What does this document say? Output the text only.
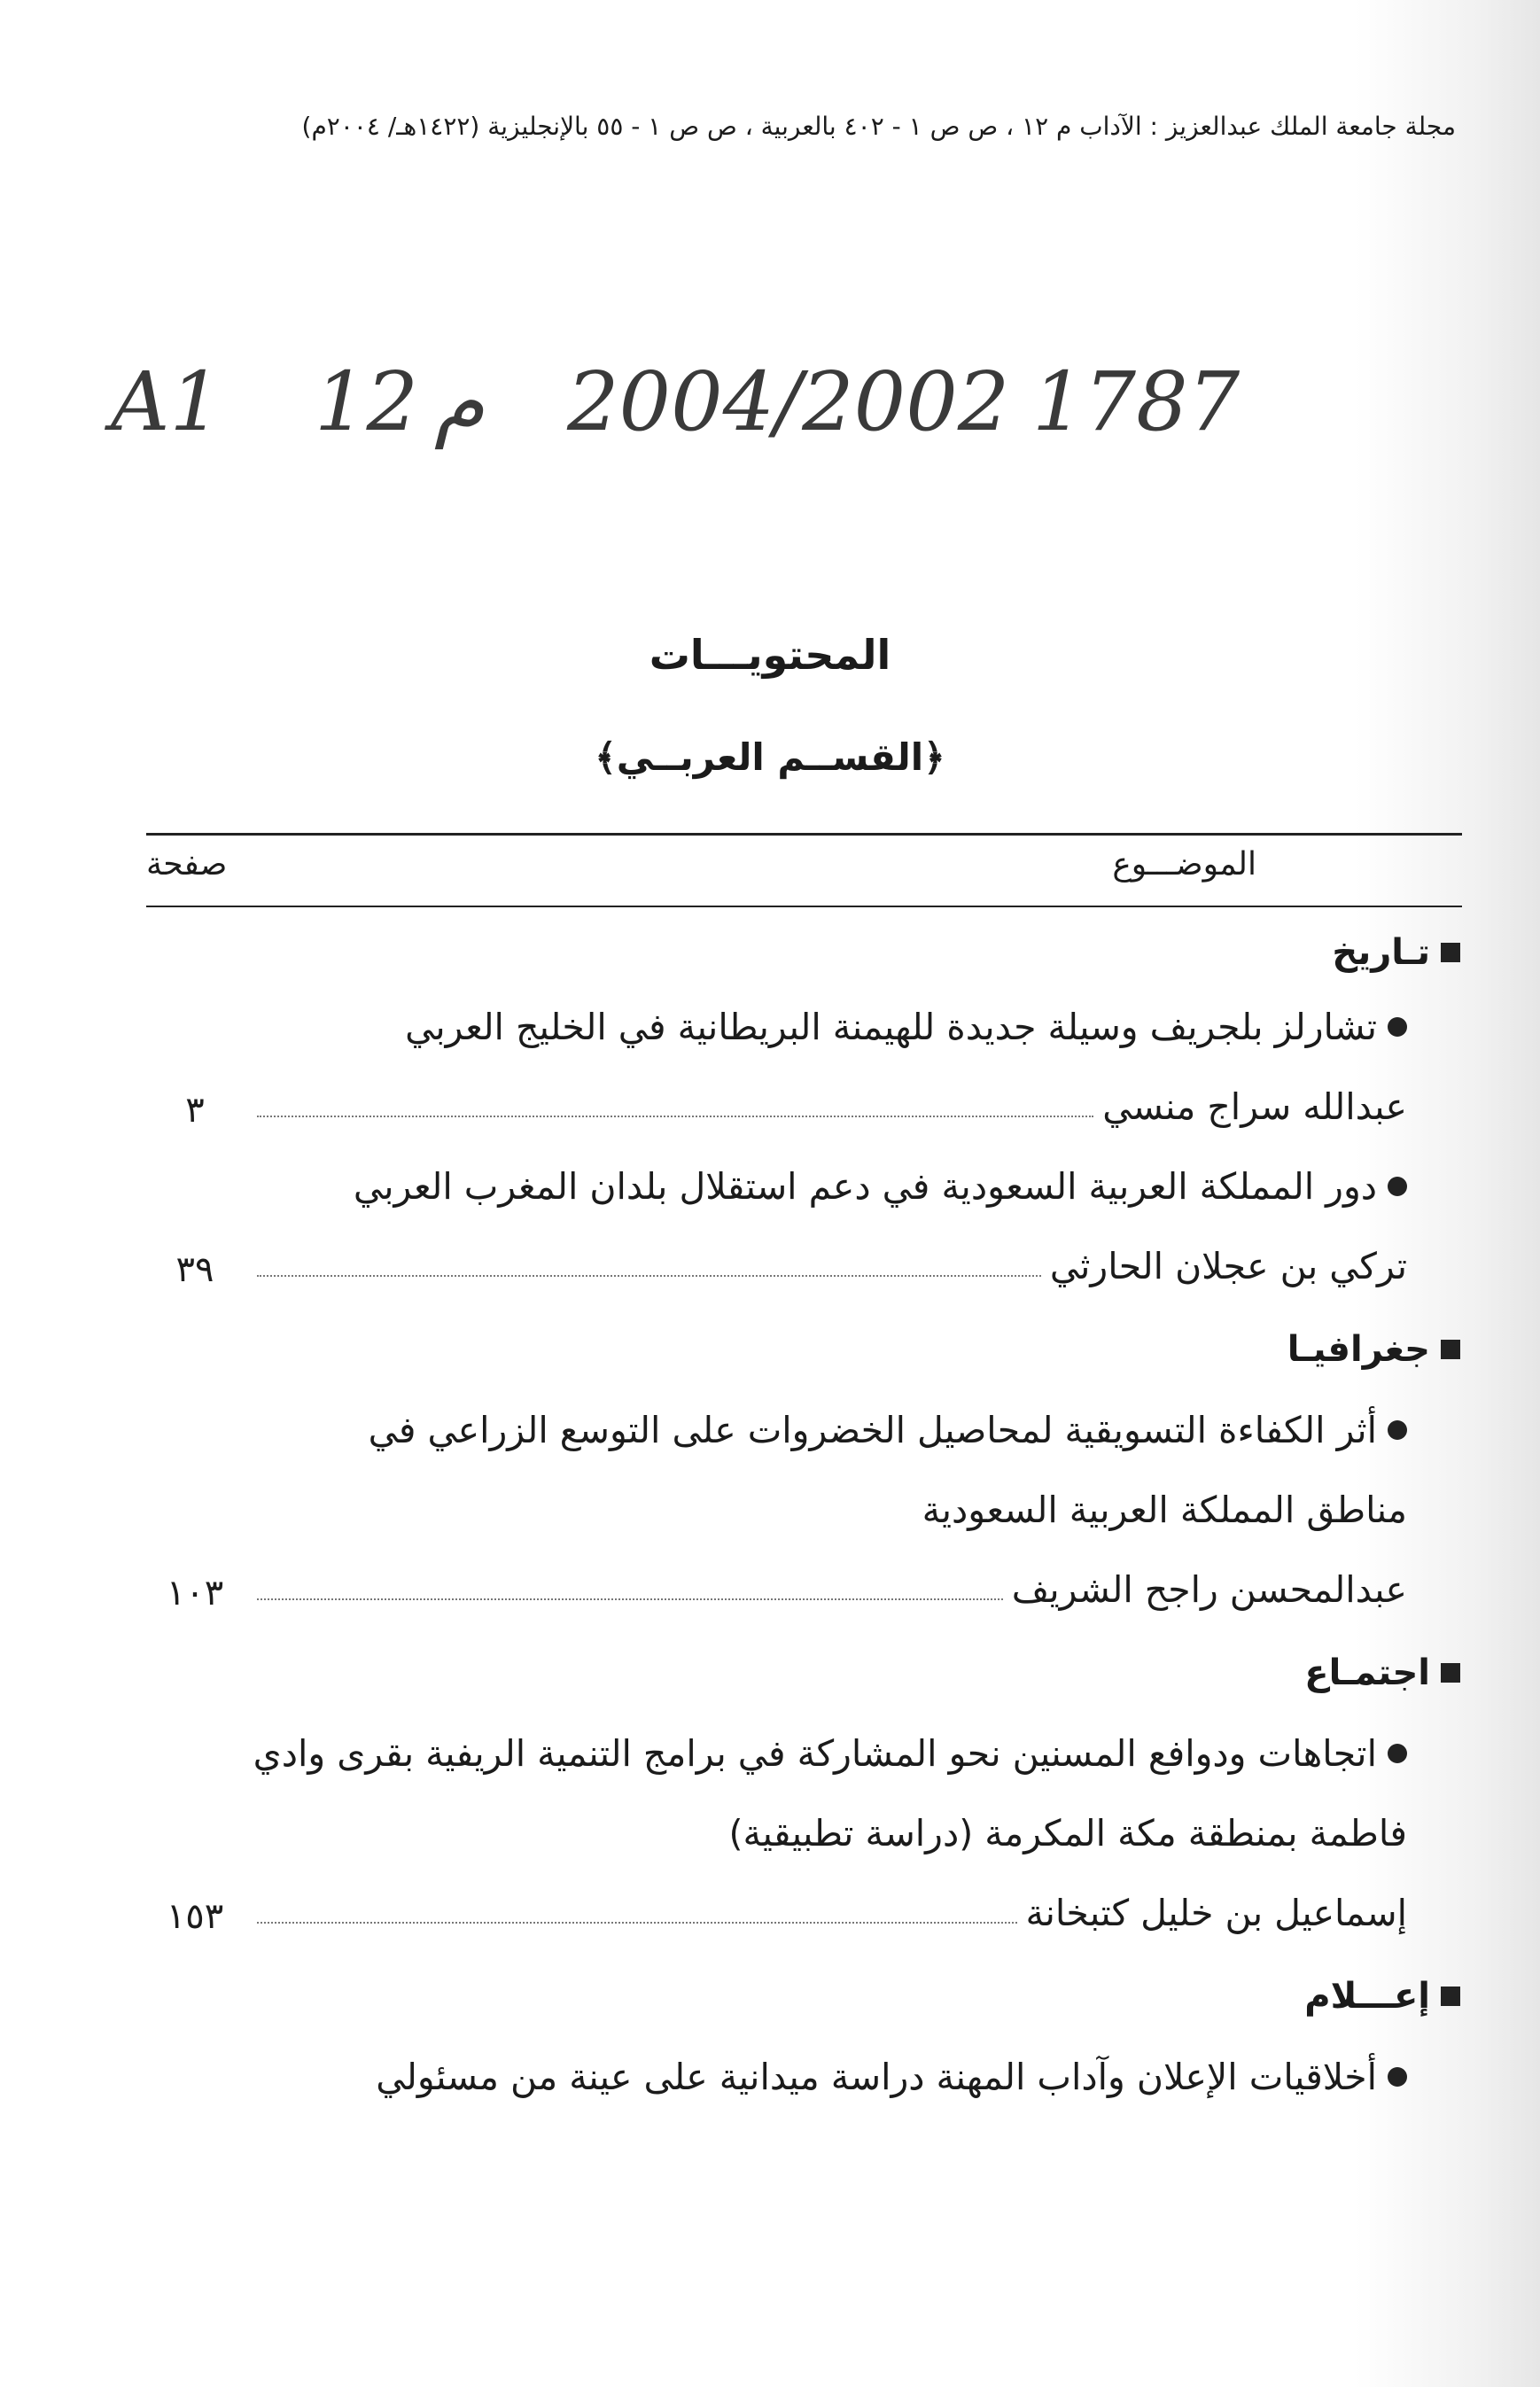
مجلة جامعة الملك عبدالعزيز : الآداب م ١٢ ، ص ص ١ - ٤٠٢ بالعربية ، ص ص ١ - ٥٥ بالإنجليزية (١٤٢٢هـ/ ٢٠٠٤م)
A1 12 م 2004/2002 1787
المحتويـــات
﴿القســم العربــي﴾
الموضـــوع
صفحة
تـاريخ
تشارلز بلجريف وسيلة جديدة للهيمنة البريطانية في الخليج العربي
عبدالله سراج منسي
٣
دور المملكة العربية السعودية في دعم استقلال بلدان المغرب العربي
تركي بن عجلان الحارثي
٣٩
جغرافيـا
أثر الكفاءة التسويقية لمحاصيل الخضروات على التوسع الزراعي في
مناطق المملكة العربية السعودية
عبدالمحسن راجح الشريف
١٠٣
اجتمـاع
اتجاهات ودوافع المسنين نحو المشاركة في برامج التنمية الريفية بقرى وادي
فاطمة بمنطقة مكة المكرمة (دراسة تطبيقية)
إسماعيل بن خليل كتبخانة
١٥٣
إعـــلام
أخلاقيات الإعلان وآداب المهنة دراسة ميدانية على عينة من مسئولي
